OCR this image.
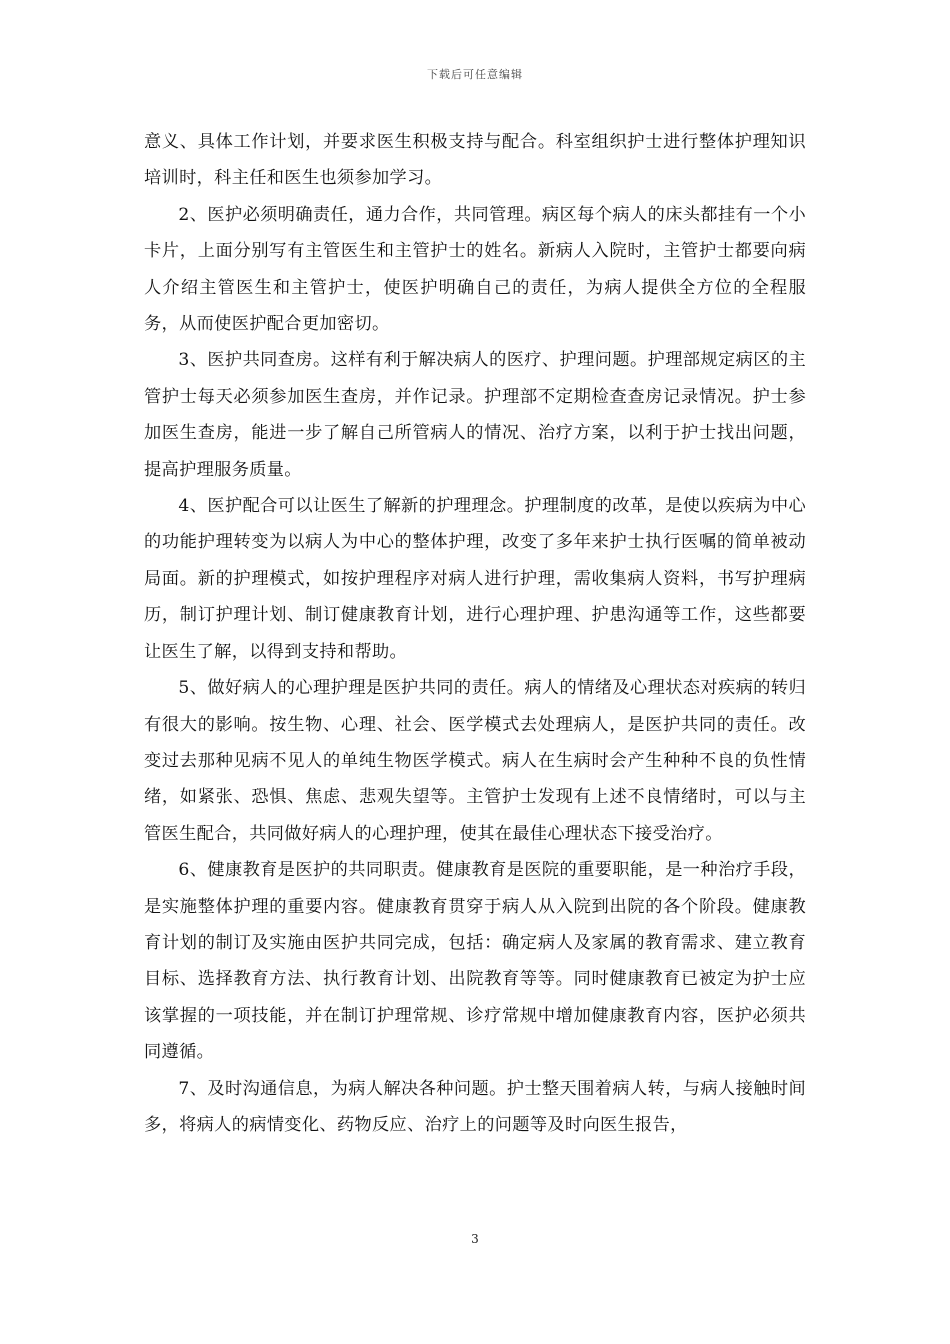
下载后可任意编辑

意义、具体工作计划，并要求医生积极支持与配合。科室组织护士进行整体护理知识培训时，科主任和医生也须参加学习。

2、医护必须明确责任，通力合作，共同管理。病区每个病人的床头都挂有一个小卡片，上面分别写有主管医生和主管护士的姓名。新病人入院时，主管护士都要向病人介绍主管医生和主管护士，使医护明确自己的责任，为病人提供全方位的全程服务，从而使医护配合更加密切。

3、医护共同查房。这样有利于解决病人的医疗、护理问题。护理部规定病区的主管护士每天必须参加医生查房，并作记录。护理部不定期检查查房记录情况。护士参加医生查房，能进一步了解自己所管病人的情况、治疗方案，以利于护士找出问题，提高护理服务质量。

4、医护配合可以让医生了解新的护理理念。护理制度的改革，是使以疾病为中心的功能护理转变为以病人为中心的整体护理，改变了多年来护士执行医嘱的简单被动局面。新的护理模式，如按护理程序对病人进行护理，需收集病人资料，书写护理病历，制订护理计划、制订健康教育计划，进行心理护理、护患沟通等工作，这些都要让医生了解，以得到支持和帮助。

5、做好病人的心理护理是医护共同的责任。病人的情绪及心理状态对疾病的转归有很大的影响。按生物、心理、社会、医学模式去处理病人，是医护共同的责任。改变过去那种见病不见人的单纯生物医学模式。病人在生病时会产生种种不良的负性情绪，如紧张、恐惧、焦虑、悲观失望等。主管护士发现有上述不良情绪时，可以与主管医生配合，共同做好病人的心理护理，使其在最佳心理状态下接受治疗。

6、健康教育是医护的共同职责。健康教育是医院的重要职能，是一种治疗手段，是实施整体护理的重要内容。健康教育贯穿于病人从入院到出院的各个阶段。健康教育计划的制订及实施由医护共同完成，包括：确定病人及家属的教育需求、建立教育目标、选择教育方法、执行教育计划、出院教育等等。同时健康教育已被定为护士应该掌握的一项技能，并在制订护理常规、诊疗常规中增加健康教育内容，医护必须共同遵循。

7、及时沟通信息，为病人解决各种问题。护士整天围着病人转，与病人接触时间多，将病人的病情变化、药物反应、治疗上的问题等及时向医生报告，

3
